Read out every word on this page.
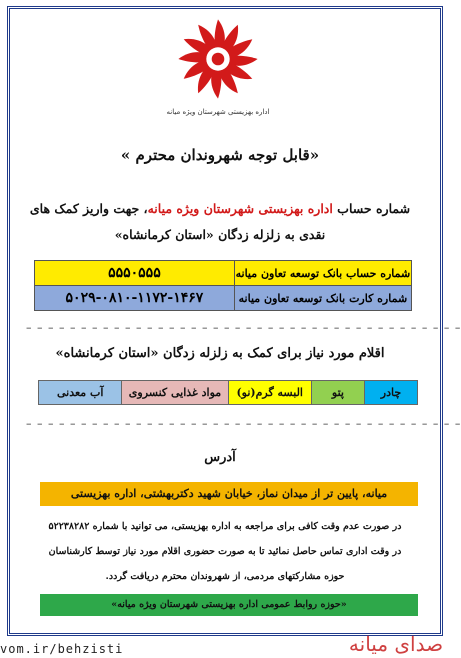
اداره بهزیستی شهرستان ویژه میانه
« قابل توجه شهروندان محترم»
شماره حساب اداره بهزیستی شهرستان ویژه میانه، جهت واریز کمک های
نقدی به زلزله زدگان «استان کرمانشاه»
شماره حساب بانک توسعه تعاون میانه	۵۵۵۰۵۵۵
شماره کارت بانک توسعه تعاون میانه	۵۰۲۹-۰۸۱۰-۱۱۷۲-۱۴۶۷
– – – – – – – – – – – – – – – – – – – – – – – – – – – – – – – – – – – – – – – –
اقلام مورد نیاز برای کمک به زلزله زدگان «استان کرمانشاه»
چادر	پتو	البسه گرم(نو)	مواد غذایی کنسروی	آب معدنی
– – – – – – – – – – – – – – – – – – – – – – – – – – – – – – – – – – – – – – – –
آدرس
میانه، پایین تر از میدان نماز، خیابان شهید دکتربهشتی، اداره بهزیستی
در صورت عدم وقت کافی برای مراجعه به اداره بهزیستی، می توانید با شماره ۵۲۲۳۸۲۸۲
در وقت اداری تماس حاصل نمائید تا به صورت حضوری اقلام مورد نیاز توسط کارشناسان
حوزه مشارکتهای مردمی، از شهروندان محترم دریافت گردد.
«حوزه روابط عمومی اداره بهزیستی شهرستان ویژه میانه»
vom.ir/behzisti	صدای میانه
